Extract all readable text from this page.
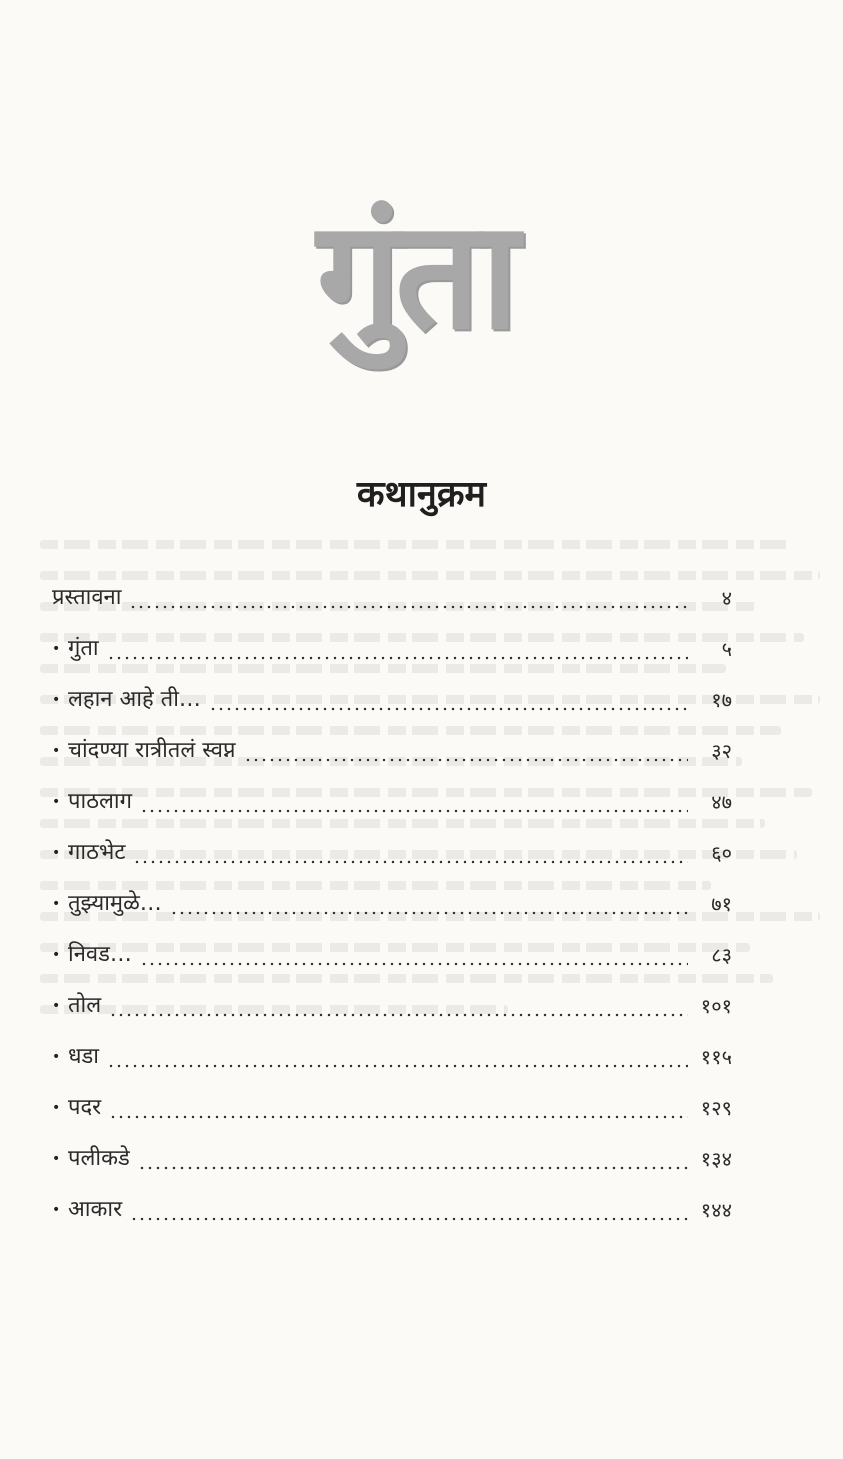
गुंता
कथानुक्रम
प्रस्तावना	४
• गुंता	५
• लहान आहे ती…	१७
• चांदण्या रात्रीतलं स्वप्न	३२
• पाठलाग	४७
• गाठभेट	६०
• तुझ्यामुळे…	७१
• निवड…	८३
• तोल	१०१
• धडा	११५
• पदर	१२९
• पलीकडे	१३४
• आकार	१४४
